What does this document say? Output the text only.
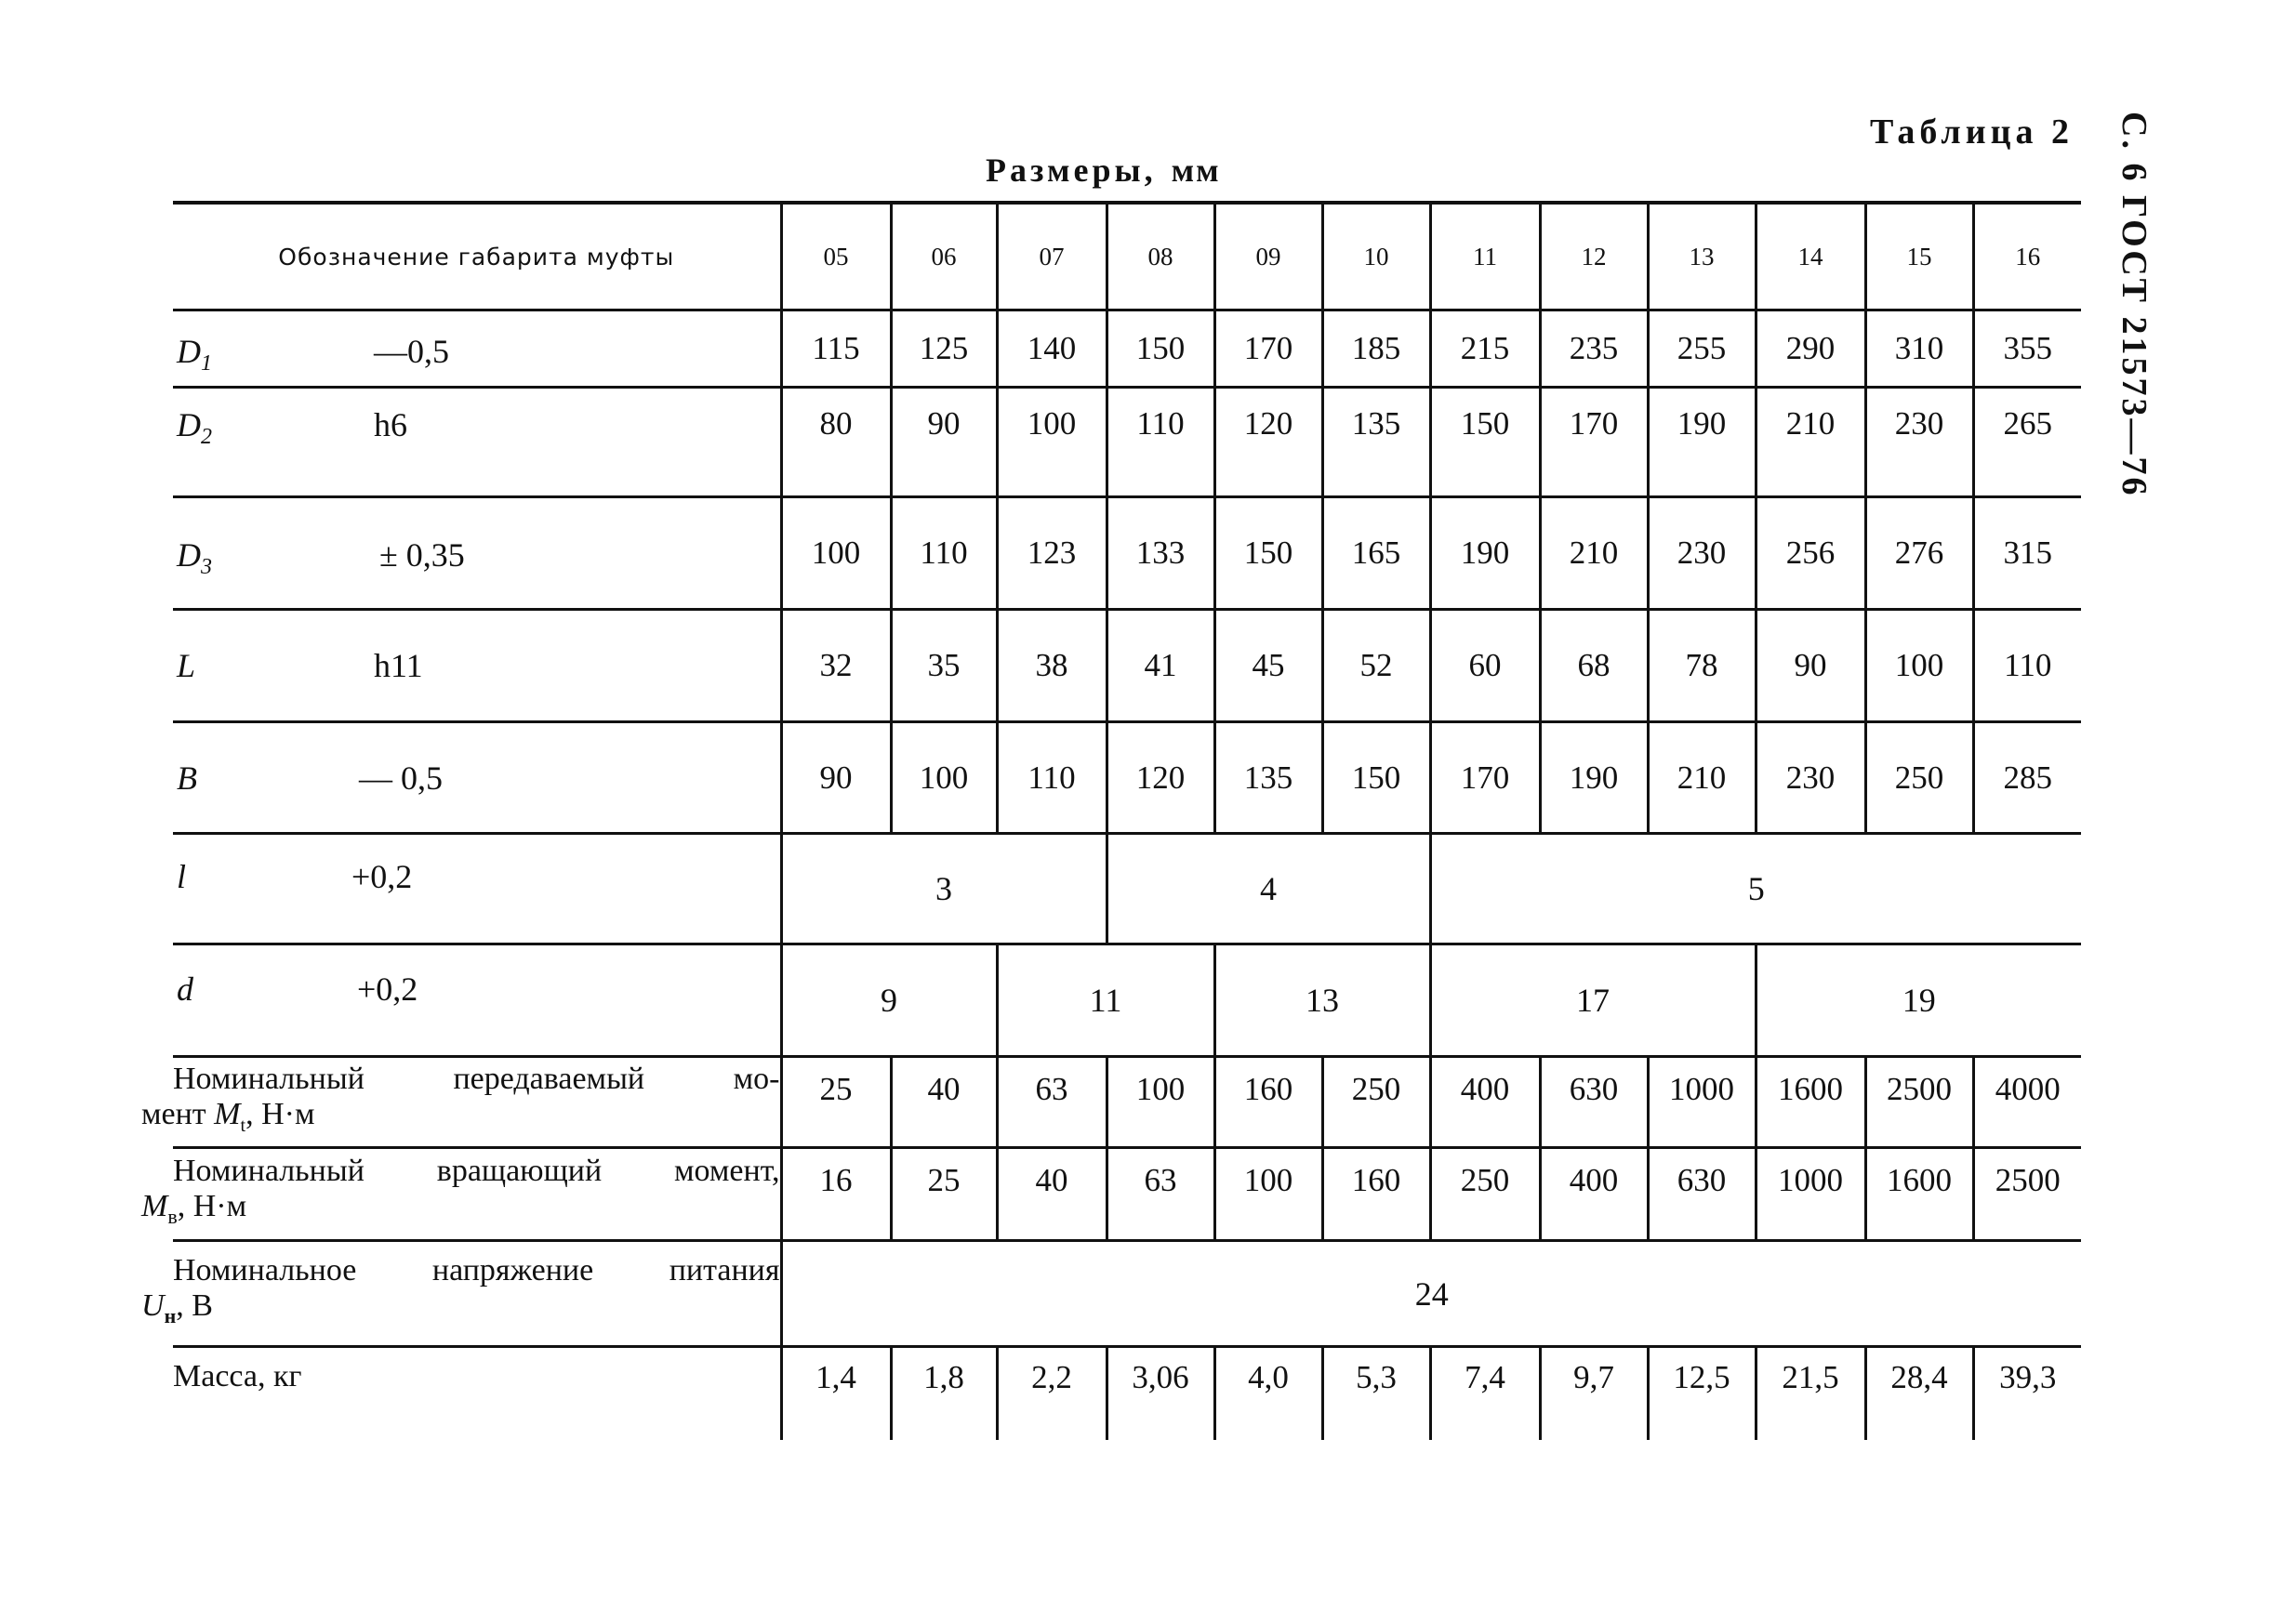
Таблица 2
Размеры, мм	С. 6 ГОСТ 21573—76
Обозначение габарита муфты	05	06	07	08	09	10	11	12	13	14	15	16

$D_1$ —0,5	115	125	140	150	170	185	215	235	255	290	310	355

$D_2$ h6	80	90	100	110	120	135	150	170	190	210	230	265

$D_3 \pm 0,35$	100	110	123	133	150	165	190	210	230	256	276	315

L h11	32	35	38	41	45	52	60	68	78	90	100	110

B — 0,5	90	100	110	120	135	150	170	190	210	230	250	285

l +0,2	3			4			5					

d +0,2	9		11		13		17			19		
Номинальный передаваемый мо-
мент $M_t$, Н·м	25	40	63	100	160	250	400	630	1000	1600	2500	4000
Номинальный вращающий момент,
$M_в$, Н·м	16	25	40	63	100	160	250	400	630	1000	1600	2500
Номинальное напряжение питания
$U_н$, В	24											
Масса, кг	1,4	1,8	2,2	3,06	4,0	5,3	7,4	9,7	12,5	21,5	28,4	39,3
